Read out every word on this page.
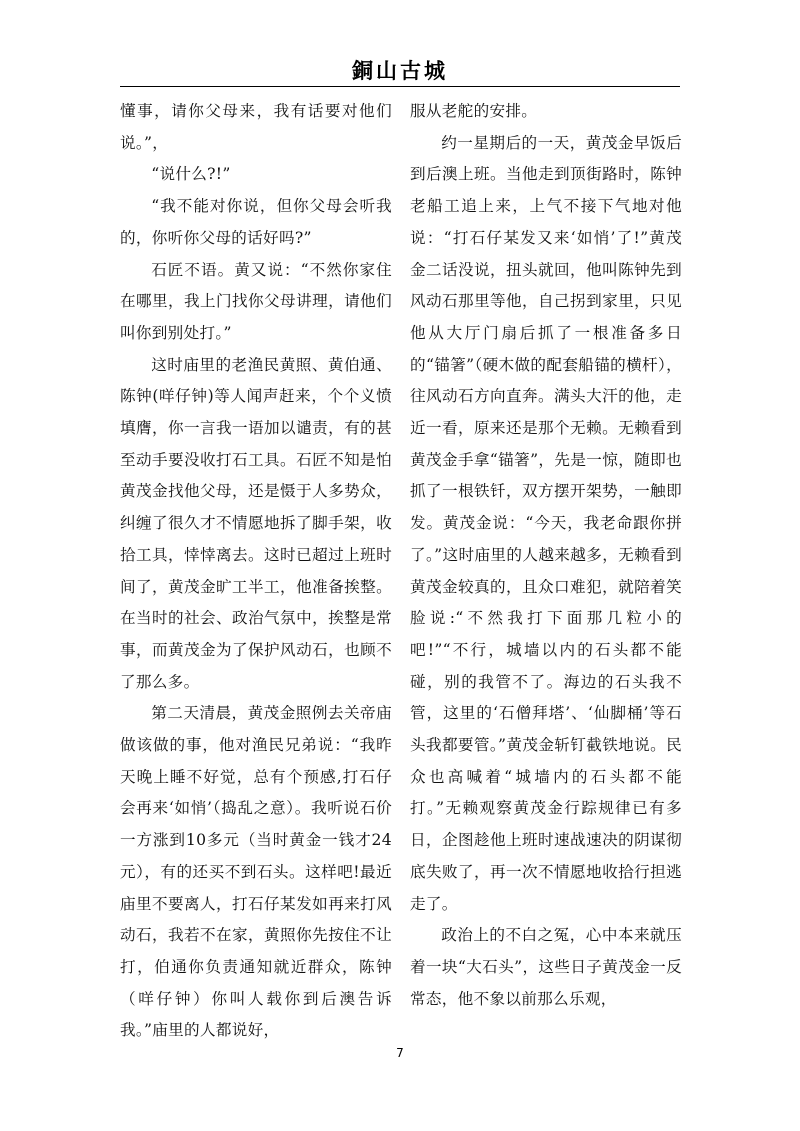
銅山古城

懂事，请你父母来，我有话要对他们说。”，

“说什么?!”

“我不能对你说，但你父母会听我的，你听你父母的话好吗?”

石匠不语。黄又说：“不然你家住在哪里，我上门找你父母讲理，请他们叫你到别处打。”

这时庙里的老渔民黄照、黄伯通、陈钟(咩仔钟)等人闻声赶来，个个义愤填膺，你一言我一语加以谴责，有的甚至动手要没收打石工具。石匠不知是怕黄茂金找他父母，还是慑于人多势众，纠缠了很久才不情愿地拆了脚手架，收拾工具，悻悻离去。这时已超过上班时间了，黄茂金旷工半工，他准备挨整。在当时的社会、政治气氛中，挨整是常事，而黄茂金为了保护风动石，也顾不了那么多。

第二天清晨，黄茂金照例去关帝庙做该做的事，他对渔民兄弟说：“我昨天晚上睡不好觉，总有个预感,打石仔会再来‘如悄’（捣乱之意）。我听说石价一方涨到10多元（当时黄金一钱才24元），有的还买不到石头。这样吧!最近庙里不要离人，打石仔某发如再来打风动石，我若不在家，黄照你先按住不让打，伯通你负责通知就近群众，陈钟（咩仔钟）你叫人载你到后澳告诉我。”庙里的人都说好，

服从老舵的安排。

约一星期后的一天，黄茂金早饭后到后澳上班。当他走到顶街路时，陈钟老船工追上来，上气不接下气地对他说：“打石仔某发又来‘如悄’了!”黄茂金二话没说，扭头就回，他叫陈钟先到风动石那里等他，自己拐到家里，只见他从大厅门扇后抓了一根准备多日的“锚箸”（硬木做的配套船锚的横杆），往风动石方向直奔。满头大汗的他，走近一看，原来还是那个无赖。无赖看到黄茂金手拿“锚箸”，先是一惊，随即也抓了一根铁钎，双方摆开架势，一触即发。黄茂金说：“今天，我老命跟你拼了。”这时庙里的人越来越多，无赖看到黄茂金较真的，且众口难犯，就陪着笑脸说:“不然我打下面那几粒小的吧!”“不行，城墙以内的石头都不能碰，别的我管不了。海边的石头我不管，这里的‘石僧拜塔’、‘仙脚桶’等石头我都要管。”黄茂金斩钉截铁地说。民众也高喊着“城墙内的石头都不能打。”无赖观察黄茂金行踪规律已有多日，企图趁他上班时速战速决的阴谋彻底失败了，再一次不情愿地收拾行担逃走了。

政治上的不白之冤，心中本来就压着一块“大石头”，这些日子黄茂金一反常态，他不象以前那么乐观，

7
